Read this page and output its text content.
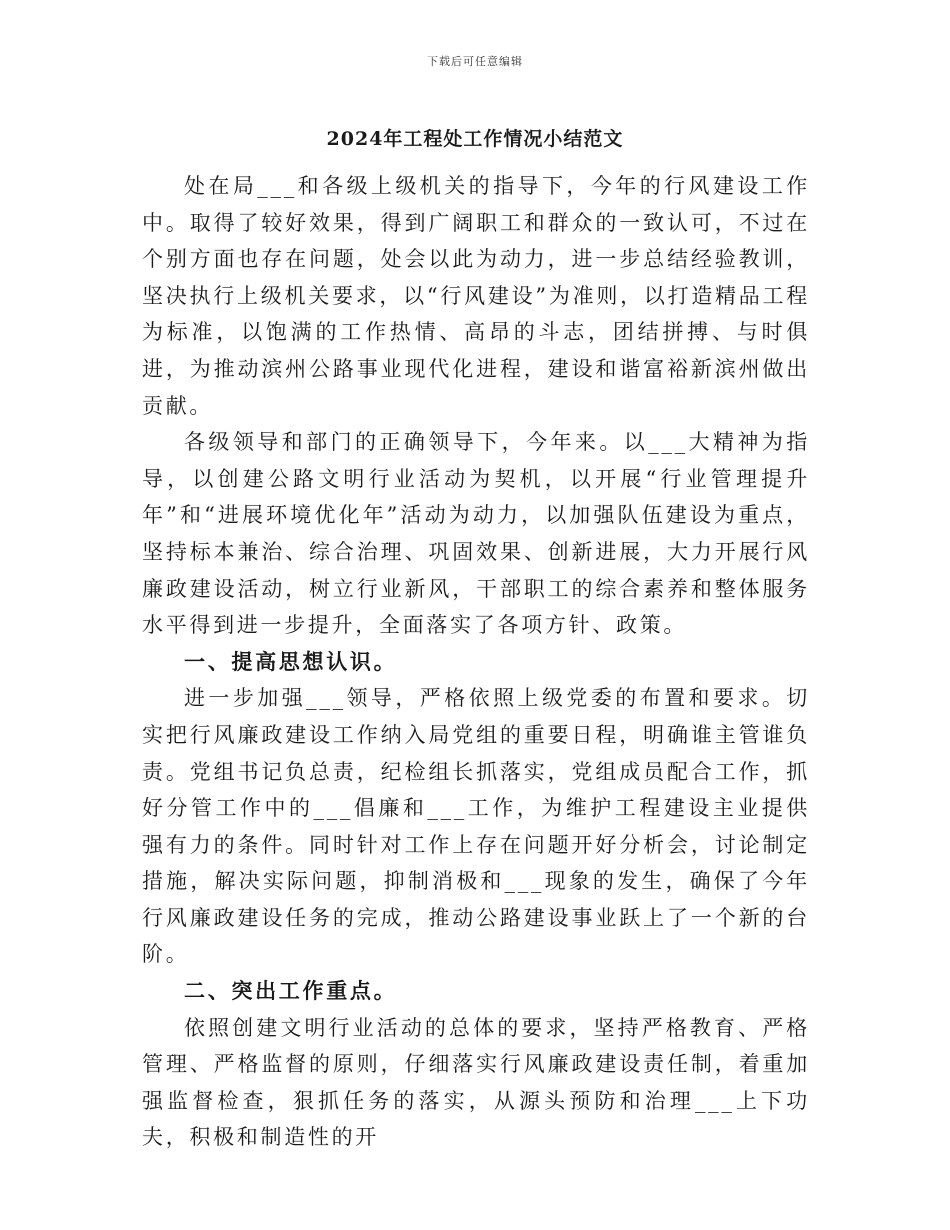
下载后可任意编辑
2024年工程处工作情况小结范文

处在局___和各级上级机关的指导下，今年的行风建设工作中。取得了较好效果，得到广阔职工和群众的一致认可，不过在个别方面也存在问题，处会以此为动力，进一步总结经验教训，坚决执行上级机关要求，以“行风建设”为准则，以打造精品工程为标准，以饱满的工作热情、高昂的斗志，团结拼搏、与时俱进，为推动滨州公路事业现代化进程，建设和谐富裕新滨州做出贡献。

各级领导和部门的正确领导下，今年来。以___大精神为指导，以创建公路文明行业活动为契机，以开展“行业管理提升年”和“进展环境优化年”活动为动力，以加强队伍建设为重点，坚持标本兼治、综合治理、巩固效果、创新进展，大力开展行风廉政建设活动，树立行业新风，干部职工的综合素养和整体服务水平得到进一步提升，全面落实了各项方针、政策。

一、提高思想认识。

进一步加强___领导，严格依照上级党委的布置和要求。切实把行风廉政建设工作纳入局党组的重要日程，明确谁主管谁负责。党组书记负总责，纪检组长抓落实，党组成员配合工作，抓好分管工作中的___倡廉和___工作，为维护工程建设主业提供强有力的条件。同时针对工作上存在问题开好分析会，讨论制定措施，解决实际问题，抑制消极和___现象的发生，确保了今年行风廉政建设任务的完成，推动公路建设事业跃上了一个新的台阶。

二、突出工作重点。

依照创建文明行业活动的总体的要求，坚持严格教育、严格管理、严格监督的原则，仔细落实行风廉政建设责任制，着重加强监督检查，狠抓任务的落实，从源头预防和治理___上下功夫，积极和制造性的开
